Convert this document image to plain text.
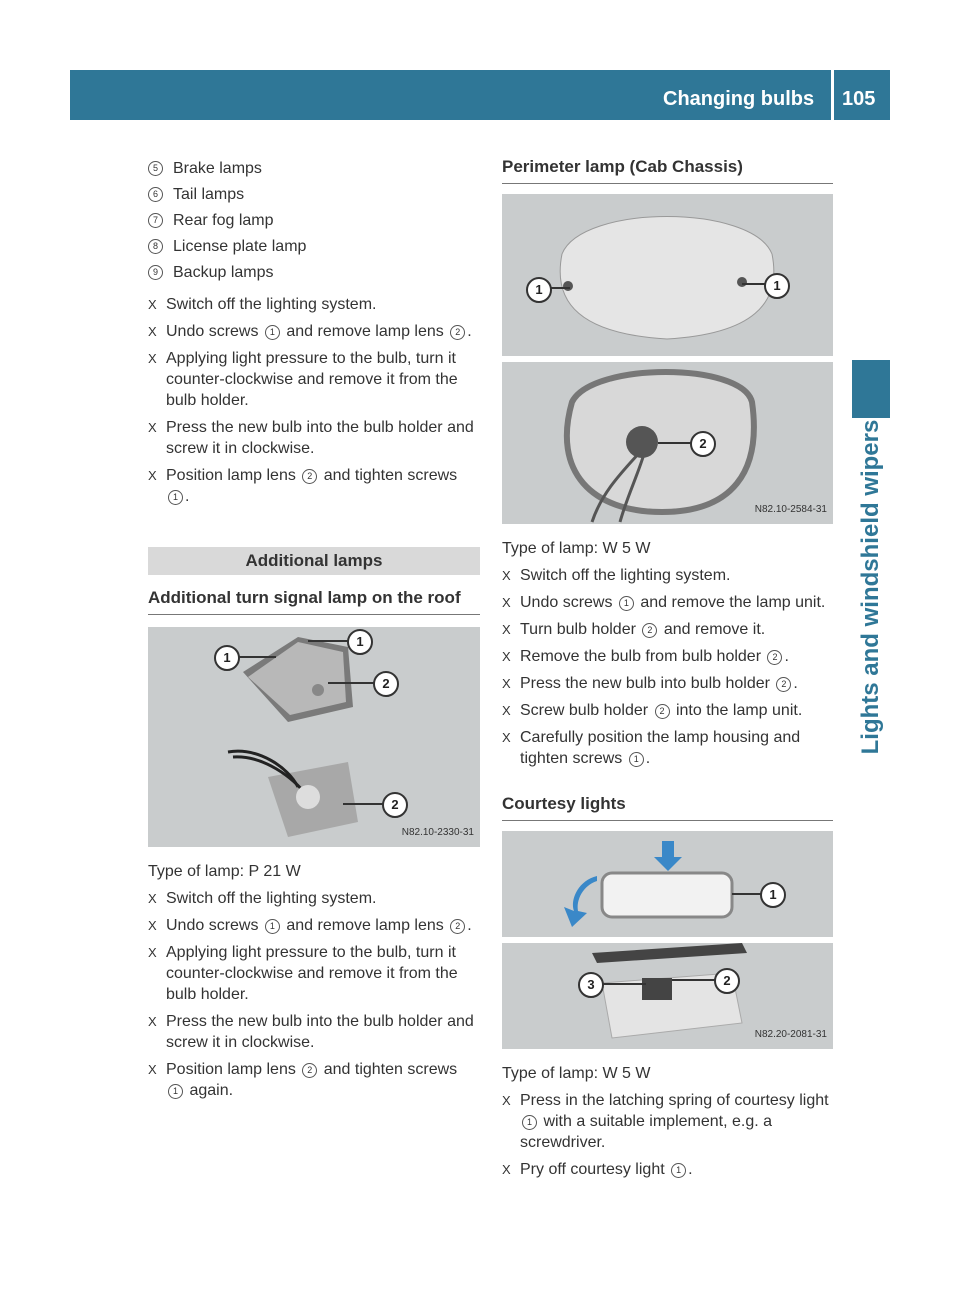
Changing bulbs 105
Lights and windshield wipers
5 Brake lamps
6 Tail lamps
7 Rear fog lamp
8 License plate lamp
9 Backup lamps
X Switch off the lighting system.
X Undo screws 1 and remove lamp lens 2 .
X Applying light pressure to the bulb, turn it counter-clockwise and remove it from the bulb holder.
X Press the new bulb into the bulb holder and screw it in clockwise.
X Position lamp lens 2 and tighten screws 1 .
Additional lamps
Additional turn signal lamp on the roof
1
1
2
2
N82.10-2330-31
Type of lamp: P 21 W
X Switch off the lighting system.
X Undo screws 1 and remove lamp lens 2 .
X Applying light pressure to the bulb, turn it counter-clockwise and remove it from the bulb holder.
X Press the new bulb into the bulb holder and screw it in clockwise.
X Position lamp lens 2 and tighten screws 1 again.
Perimeter lamp (Cab Chassis)
1	1
2
N82.10-2584-31
Type of lamp: W 5 W
X Switch off the lighting system.
X Undo screws 1 and remove the lamp unit.
X Turn bulb holder 2 and remove it.
X Remove the bulb from bulb holder 2 .
X Press the new bulb into bulb holder 2 .
X Screw bulb holder 2 into the lamp unit.
X Carefully position the lamp housing and tighten screws 1 .
Courtesy lights
1
3	2
N82.20-2081-31
Type of lamp: W 5 W
X Press in the latching spring of courtesy light 1 with a suitable implement, e.g. a screwdriver.
X Pry off courtesy light 1 .
